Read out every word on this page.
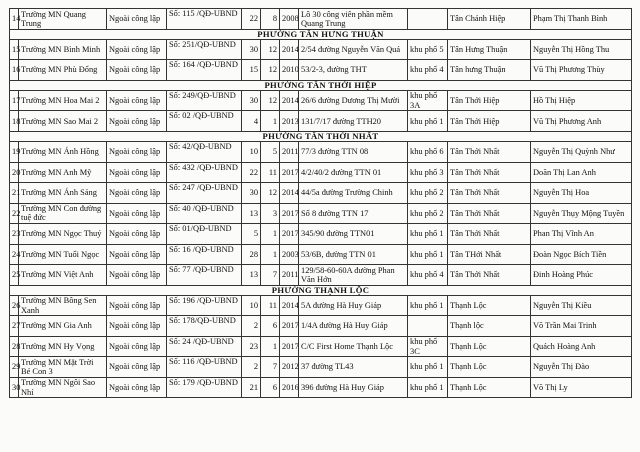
14	Trường MN Quang Trung	Ngoài công lập	Số: 115 /QĐ-UBND	22	8	2008	Lô 30 công viên phần mềm Quang Trung		Tân Chánh Hiệp	Phạm Thị Thanh Bình
PHƯỜNG TÂN HƯNG THUẬN										
15	Trường MN Bình Minh	Ngoài công lập	Số: 251/QĐ-UBND	30	12	2014	2/54 đường Nguyễn Văn Quá	khu phố 5	Tân Hưng Thuận	Nguyễn Thị Hồng Thu
16	Trường MN Phù Đổng	Ngoài công lập	Số: 164 /QĐ-UBND	15	12	2010	53/2-3, đường THT	khu phố 4	Tân hưng Thuận	Vũ Thị Phương Thùy
PHƯỜNG TÂN THỚI HIỆP										
17	Trường MN Hoa Mai 2	Ngoài công lập	Số: 249/QĐ-UBND	30	12	2014	26/6 đường Dương Thị Mười	khu phố 3A	Tân Thới Hiệp	Hồ Thị Hiệp
18	Trường MN Sao Mai 2	Ngoài công lập	Số: 02 /QĐ-UBND	4	1	2013	131/7/17 đường TTH20	khu phố 1	Tân Thới Hiệp	Vũ Thị Phương Anh
PHƯỜNG TÂN THỚI NHẤT										
19	Trường MN Ánh Hồng	Ngoài công lập	Số: 42/QĐ-UBND	10	5	2011	77/3 đường TTN 08	khu phố 6	Tân Thới Nhất	Nguyễn Thị Quỳnh Như
20	Trường MN Anh Mỹ	Ngoài công lập	Số: 432 /QĐ-UBND	22	11	2017	4/2/40/2 đường TTN 01	khu phố 3	Tân Thới Nhất	Doãn Thị Lan Anh
21	Trường MN Ánh Sáng	Ngoài công lập	Số: 247 /QĐ-UBND	30	12	2014	44/5a đường Trường Chinh	khu phố 2	Tân Thới Nhất	Nguyễn Thị Hoa
22	Trường MN Con đường tuệ đức	Ngoài công lập	Số: 40 /QĐ-UBND	13	3	2017	Số 8 đường TTN 17	khu phố 2	Tân Thới Nhất	Nguyễn Thụy Mộng Tuyền
23	Trường MN Ngọc Thuý	Ngoài công lập	Số: 01/QĐ-UBND	5	1	2017	345/90 đường TTN01	khu phố 1	Tân Thới Nhất	Phan Thị Vĩnh An
24	Trường MN Tuổi Ngọc	Ngoài công lập	Số: 16 /QĐ-UBND	28	1	2003	53/6B, đường TTN 01	khu phố 1	Tân THới Nhất	Đoàn Ngọc Bích Tiền
25	Trường MN Việt Anh	Ngoài công lập	Số: 77 /QĐ-UBND	13	7	2011	129/58-60-60A đường Phan Văn Hớn	khu phố 4	Tân Thới Nhất	Đinh Hoàng Phúc
PHƯỜNG THẠNH LỘC										
26	Trường MN Bông Sen Xanh	Ngoài công lập	Số: 196 /QĐ-UBND	10	11	2014	5A đường Hà Huy Giáp	khu phố 1	Thạnh Lộc	Nguyễn Thị Kiều
27	Trường MN Gia Anh	Ngoài công lập	Số: 178/QĐ-UBND	2	6	2017	1/4A đường Hà Huy Giáp		Thạnh lộc	Võ Trần Mai Trinh
28	Trường MN Hy Vọng	Ngoài công lập	Số: 24 /QĐ-UBND	23	1	2017	C/C First Home Thạnh Lộc	khu phố 3C	Thạnh Lộc	Quách Hoàng Anh
29	Trường MN Mặt Trời Bé Con 3	Ngoài công lập	Số: 116 /QĐ-UBND	2	7	2012	37 đường TL43	khu phố 1	Thạnh Lộc	Nguyễn Thị Đào
30	Trường MN Ngôi Sao Nhí	Ngoài công lập	Số: 179 /QĐ-UBND	21	6	2016	396 đường Hà Huy Giáp	khu phố 1	Thạnh Lộc	Võ Thị Ly
